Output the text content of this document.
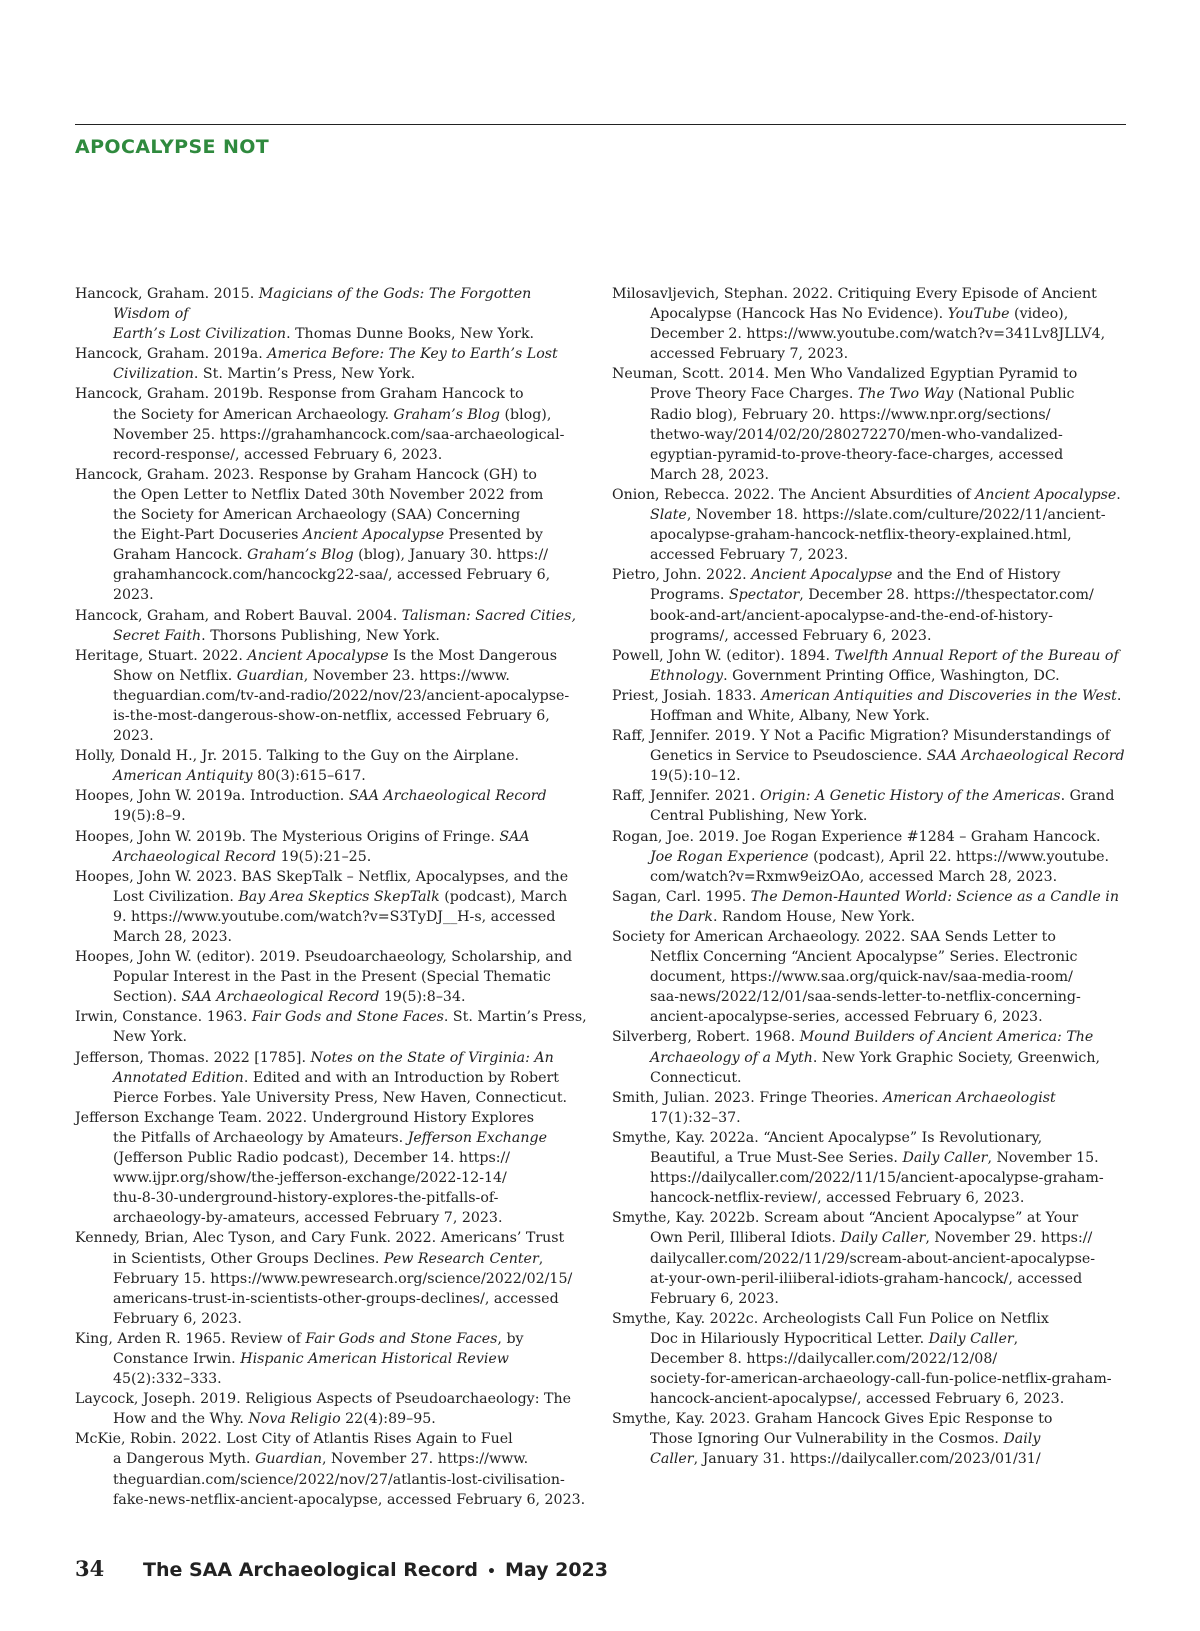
APOCALYPSE NOT
Hancock, Graham. 2015. Magicians of the Gods: The Forgotten Wisdom of
Earth’s Lost Civilization. Thomas Dunne Books, New York.
Hancock, Graham. 2019a. America Before: The Key to Earth’s Lost
Civilization. St. Martin’s Press, New York.
Hancock, Graham. 2019b. Response from Graham Hancock to
the Society for American Archaeology. Graham’s Blog (blog),
November 25. https://grahamhancock.com/saa-archaeological-
record-response/, accessed February 6, 2023.
Hancock, Graham. 2023. Response by Graham Hancock (GH) to
the Open Letter to Netflix Dated 30th November 2022 from
the Society for American Archaeology (SAA) Concerning
the Eight-Part Docuseries Ancient Apocalypse Presented by
Graham Hancock. Graham’s Blog (blog), January 30. https://
grahamhancock.com/hancockg22-saa/, accessed February 6,
2023.
Hancock, Graham, and Robert Bauval. 2004. Talisman: Sacred Cities,
Secret Faith. Thorsons Publishing, New York.
Heritage, Stuart. 2022. Ancient Apocalypse Is the Most Dangerous
Show on Netflix. Guardian, November 23. https://www.
theguardian.com/tv-and-radio/2022/nov/23/ancient-apocalypse-
is-the-most-dangerous-show-on-netflix, accessed February 6,
2023.
Holly, Donald H., Jr. 2015. Talking to the Guy on the Airplane.
American Antiquity 80(3):615–617.
Hoopes, John W. 2019a. Introduction. SAA Archaeological Record
19(5):8–9.
Hoopes, John W. 2019b. The Mysterious Origins of Fringe. SAA
Archaeological Record 19(5):21–25.
Hoopes, John W. 2023. BAS SkepTalk – Netflix, Apocalypses, and the
Lost Civilization. Bay Area Skeptics SkepTalk (podcast), March
9. https://www.youtube.com/watch?v=S3TyDJ__H-s, accessed
March 28, 2023.
Hoopes, John W. (editor). 2019. Pseudoarchaeology, Scholarship, and
Popular Interest in the Past in the Present (Special Thematic
Section). SAA Archaeological Record 19(5):8–34.
Irwin, Constance. 1963. Fair Gods and Stone Faces. St. Martin’s Press,
New York.
Jefferson, Thomas. 2022 [1785]. Notes on the State of Virginia: An
Annotated Edition. Edited and with an Introduction by Robert
Pierce Forbes. Yale University Press, New Haven, Connecticut.
Jefferson Exchange Team. 2022. Underground History Explores
the Pitfalls of Archaeology by Amateurs. Jefferson Exchange
(Jefferson Public Radio podcast), December 14. https://
www.ijpr.org/show/the-jefferson-exchange/2022-12-14/
thu-8-30-underground-history-explores-the-pitfalls-of-
archaeology-by-amateurs, accessed February 7, 2023.
Kennedy, Brian, Alec Tyson, and Cary Funk. 2022. Americans’ Trust
in Scientists, Other Groups Declines. Pew Research Center,
February 15. https://www.pewresearch.org/science/2022/02/15/
americans-trust-in-scientists-other-groups-declines/, accessed
February 6, 2023.
King, Arden R. 1965. Review of Fair Gods and Stone Faces, by
Constance Irwin. Hispanic American Historical Review
45(2):332–333.
Laycock, Joseph. 2019. Religious Aspects of Pseudoarchaeology: The
How and the Why. Nova Religio 22(4):89–95.
McKie, Robin. 2022. Lost City of Atlantis Rises Again to Fuel
a Dangerous Myth. Guardian, November 27. https://www.
theguardian.com/science/2022/nov/27/atlantis-lost-civilisation-
fake-news-netflix-ancient-apocalypse, accessed February 6, 2023.
Milosavljevich, Stephan. 2022. Critiquing Every Episode of Ancient
Apocalypse (Hancock Has No Evidence). YouTube (video),
December 2. https://www.youtube.com/watch?v=341Lv8JLLV4,
accessed February 7, 2023.
Neuman, Scott. 2014. Men Who Vandalized Egyptian Pyramid to
Prove Theory Face Charges. The Two Way (National Public
Radio blog), February 20. https://www.npr.org/sections/
thetwo-way/2014/02/20/280272270/men-who-vandalized-
egyptian-pyramid-to-prove-theory-face-charges, accessed
March 28, 2023.
Onion, Rebecca. 2022. The Ancient Absurdities of Ancient Apocalypse.
Slate, November 18. https://slate.com/culture/2022/11/ancient-
apocalypse-graham-hancock-netflix-theory-explained.html,
accessed February 7, 2023.
Pietro, John. 2022. Ancient Apocalypse and the End of History
Programs. Spectator, December 28. https://thespectator.com/
book-and-art/ancient-apocalypse-and-the-end-of-history-
programs/, accessed February 6, 2023.
Powell, John W. (editor). 1894. Twelfth Annual Report of the Bureau of
Ethnology. Government Printing Office, Washington, DC.
Priest, Josiah. 1833. American Antiquities and Discoveries in the West.
Hoffman and White, Albany, New York.
Raff, Jennifer. 2019. Y Not a Pacific Migration? Misunderstandings of
Genetics in Service to Pseudoscience. SAA Archaeological Record
19(5):10–12.
Raff, Jennifer. 2021. Origin: A Genetic History of the Americas. Grand
Central Publishing, New York.
Rogan, Joe. 2019. Joe Rogan Experience #1284 – Graham Hancock.
Joe Rogan Experience (podcast), April 22. https://www.youtube.
com/watch?v=Rxmw9eizOAo, accessed March 28, 2023.
Sagan, Carl. 1995. The Demon-Haunted World: Science as a Candle in
the Dark. Random House, New York.
Society for American Archaeology. 2022. SAA Sends Letter to
Netflix Concerning “Ancient Apocalypse” Series. Electronic
document, https://www.saa.org/quick-nav/saa-media-room/
saa-news/2022/12/01/saa-sends-letter-to-netflix-concerning-
ancient-apocalypse-series, accessed February 6, 2023.
Silverberg, Robert. 1968. Mound Builders of Ancient America: The
Archaeology of a Myth. New York Graphic Society, Greenwich,
Connecticut.
Smith, Julian. 2023. Fringe Theories. American Archaeologist
17(1):32–37.
Smythe, Kay. 2022a. “Ancient Apocalypse” Is Revolutionary,
Beautiful, a True Must-See Series. Daily Caller, November 15.
https://dailycaller.com/2022/11/15/ancient-apocalypse-graham-
hancock-netflix-review/, accessed February 6, 2023.
Smythe, Kay. 2022b. Scream about “Ancient Apocalypse” at Your
Own Peril, Illiberal Idiots. Daily Caller, November 29. https://
dailycaller.com/2022/11/29/scream-about-ancient-apocalypse-
at-your-own-peril-iliiberal-idiots-graham-hancock/, accessed
February 6, 2023.
Smythe, Kay. 2022c. Archeologists Call Fun Police on Netflix
Doc in Hilariously Hypocritical Letter. Daily Caller,
December 8. https://dailycaller.com/2022/12/08/
society-for-american-archaeology-call-fun-police-netflix-graham-
hancock-ancient-apocalypse/, accessed February 6, 2023.
Smythe, Kay. 2023. Graham Hancock Gives Epic Response to
Those Ignoring Our Vulnerability in the Cosmos. Daily
Caller, January 31. https://dailycaller.com/2023/01/31/
34	The SAA Archaeological Record • May 2023
